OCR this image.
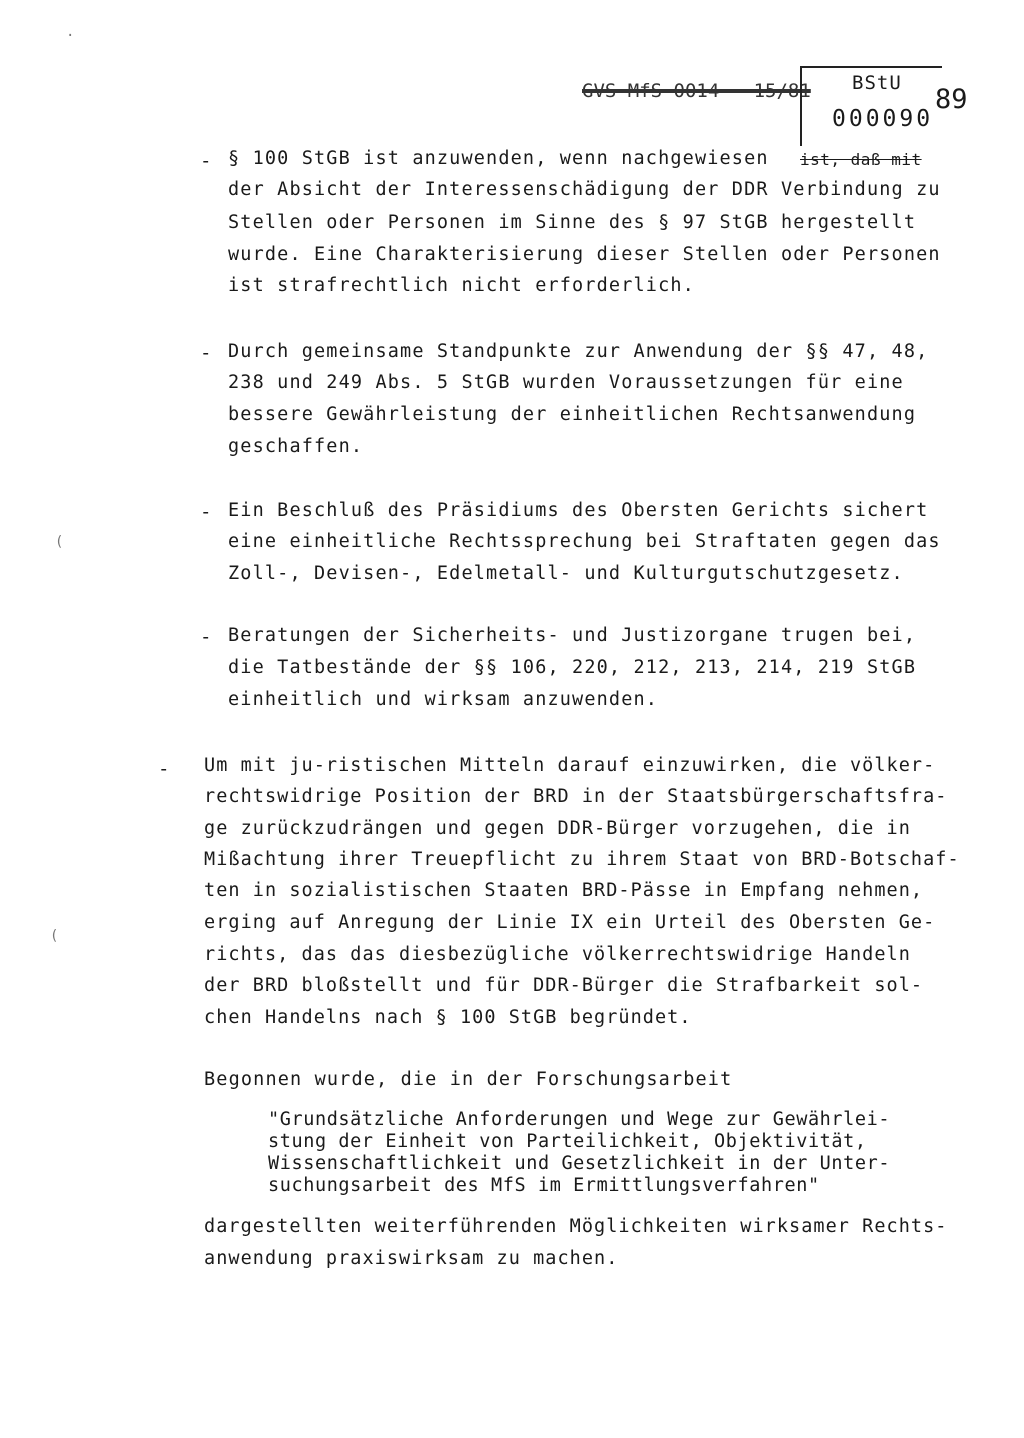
GVS MfS 0014 - 15/81 BStU
000090
89
·
(
(
- § 100 StGB ist anzuwenden, wenn nachgewiesen ist, daß mit
der Absicht der Interessenschädigung der DDR Verbindung zu
Stellen oder Personen im Sinne des § 97 StGB hergestellt
wurde. Eine Charakterisierung dieser Stellen oder Personen
ist strafrechtlich nicht erforderlich.
- Durch gemeinsame Standpunkte zur Anwendung der §§ 47, 48,
238 und 249 Abs. 5 StGB wurden Voraussetzungen für eine
bessere Gewährleistung der einheitlichen Rechtsanwendung
geschaffen.
- Ein Beschluß des Präsidiums des Obersten Gerichts sichert
eine einheitliche Rechtssprechung bei Straftaten gegen das
Zoll-, Devisen-, Edelmetall- und Kulturgutschutzgesetz.
- Beratungen der Sicherheits- und Justizorgane trugen bei,
die Tatbestände der §§ 106, 220, 212, 213, 214, 219 StGB
einheitlich und wirksam anzuwenden.
- Um mit ju-ristischen Mitteln darauf einzuwirken, die völker-
rechtswidrige Position der BRD in der Staatsbürgerschaftsfra-
ge zurückzudrängen und gegen DDR-Bürger vorzugehen, die in
Mißachtung ihrer Treuepflicht zu ihrem Staat von BRD-Botschaf-
ten in sozialistischen Staaten BRD-Pässe in Empfang nehmen,
erging auf Anregung der Linie IX ein Urteil des Obersten Ge-
richts, das das diesbezügliche völkerrechtswidrige Handeln
der BRD bloßstellt und für DDR-Bürger die Strafbarkeit sol-
chen Handelns nach § 100 StGB begründet.
Begonnen wurde, die in der Forschungsarbeit
"Grundsätzliche Anforderungen und Wege zur Gewährlei-
stung der Einheit von Parteilichkeit, Objektivität,
Wissenschaftlichkeit und Gesetzlichkeit in der Unter-
suchungsarbeit des MfS im Ermittlungsverfahren"
dargestellten weiterführenden Möglichkeiten wirksamer Rechts-
anwendung praxiswirksam zu machen.
